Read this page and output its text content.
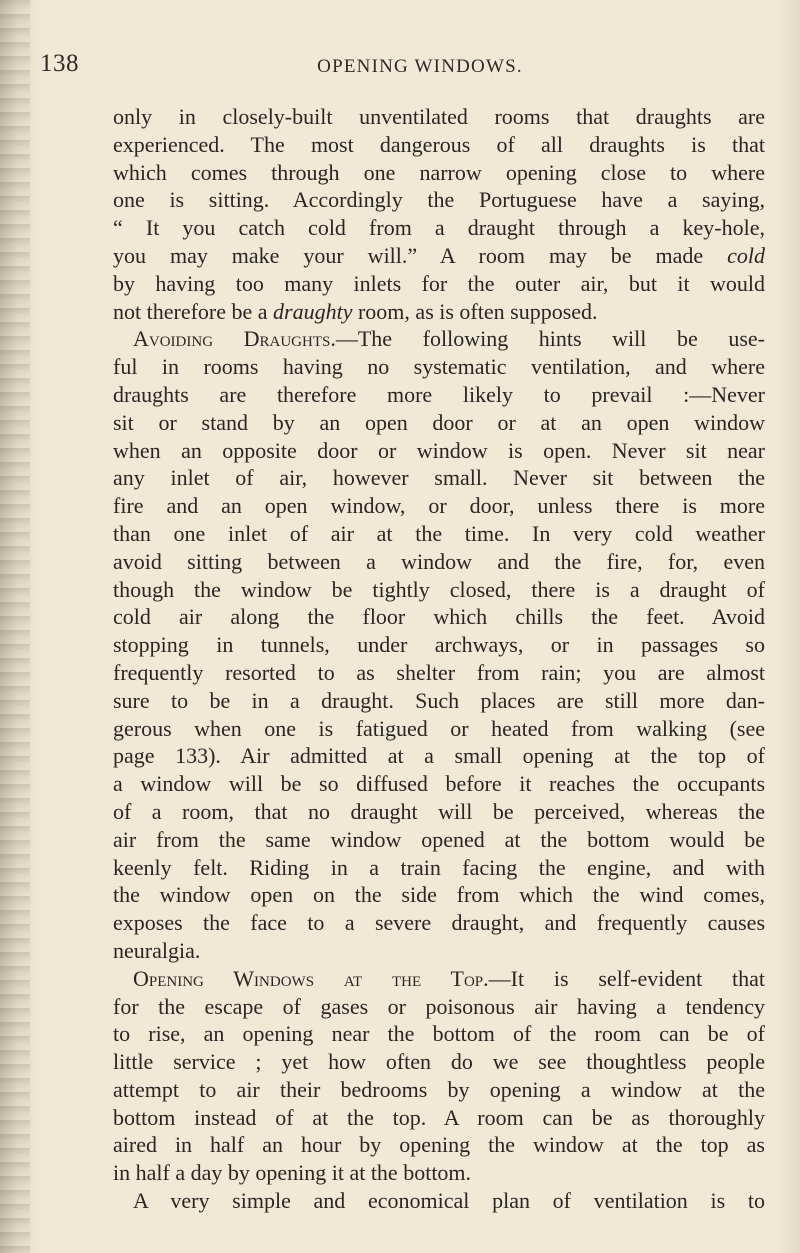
138	OPENING WINDOWS.
only in closely-built unventilated rooms that draughts are
experienced. The most dangerous of all draughts is that
which comes through one narrow opening close to where
one is sitting. Accordingly the Portuguese have a saying,
“ It you catch cold from a draught through a key-hole,
you may make your will.” A room may be made cold
by having too many inlets for the outer air, but it would
not therefore be a draughty room, as is often supposed.
Avoiding Draughts.—The following hints will be use-
ful in rooms having no systematic ventilation, and where
draughts are therefore more likely to prevail :—Never
sit or stand by an open door or at an open window
when an opposite door or window is open. Never sit near
any inlet of air, however small. Never sit between the
fire and an open window, or door, unless there is more
than one inlet of air at the time. In very cold weather
avoid sitting between a window and the fire, for, even
though the window be tightly closed, there is a draught of
cold air along the floor which chills the feet. Avoid
stopping in tunnels, under archways, or in passages so
frequently resorted to as shelter from rain; you are almost
sure to be in a draught. Such places are still more dan-
gerous when one is fatigued or heated from walking (see
page 133). Air admitted at a small opening at the top of
a window will be so diffused before it reaches the occupants
of a room, that no draught will be perceived, whereas the
air from the same window opened at the bottom would be
keenly felt. Riding in a train facing the engine, and with
the window open on the side from which the wind comes,
exposes the face to a severe draught, and frequently causes
neuralgia.
Opening Windows at the Top.—It is self-evident that
for the escape of gases or poisonous air having a tendency
to rise, an opening near the bottom of the room can be of
little service ; yet how often do we see thoughtless people
attempt to air their bedrooms by opening a window at the
bottom instead of at the top. A room can be as thoroughly
aired in half an hour by opening the window at the top as
in half a day by opening it at the bottom.
A very simple and economical plan of ventilation is to
